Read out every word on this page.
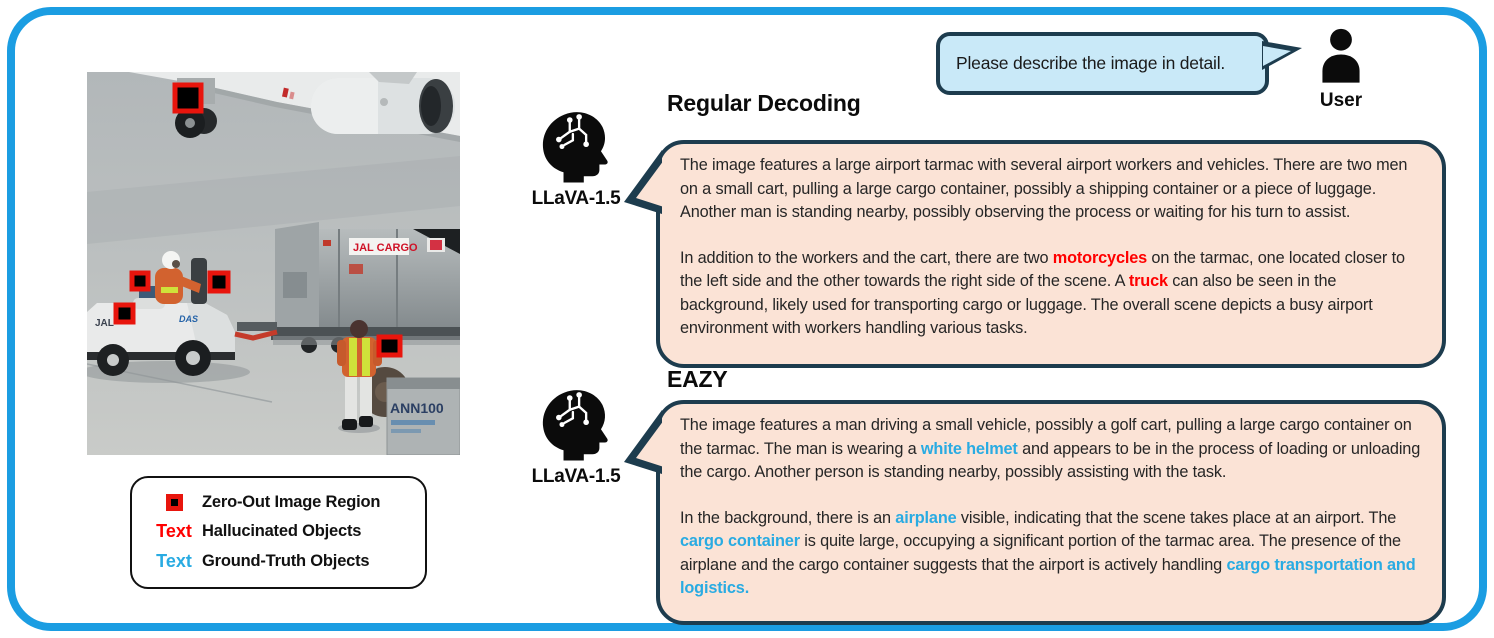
JAL CARGO
JAL	DAS
ANN100
Zero-Out Image Region
Text Hallucinated Objects
Text Ground-Truth Objects
Please describe the image in detail.
User
Regular Decoding
LLaVA-1.5

The image features a large airport tarmac with several airport workers and vehicles. There are two men on a small cart, pulling a large cargo container, possibly a shipping container or a piece of luggage. Another man is standing nearby, possibly observing the process or waiting for his turn to assist.

In addition to the workers and the cart, there are two motorcycles on the tarmac, one located closer to the left side and the other towards the right side of the scene. A truck can also be seen in the background, likely used for transporting cargo or luggage. The overall scene depicts a busy airport environment with workers handling various tasks.

EAZY
LLaVA-1.5

The image features a man driving a small vehicle, possibly a golf cart, pulling a large cargo container on the tarmac. The man is wearing a white helmet and appears to be in the process of loading or unloading the cargo. Another person is standing nearby, possibly assisting with the task.

In the background, there is an airplane visible, indicating that the scene takes place at an airport. The cargo container is quite large, occupying a significant portion of the tarmac area. The presence of the airplane and the cargo container suggests that the airport is actively handling cargo transportation and logistics.
